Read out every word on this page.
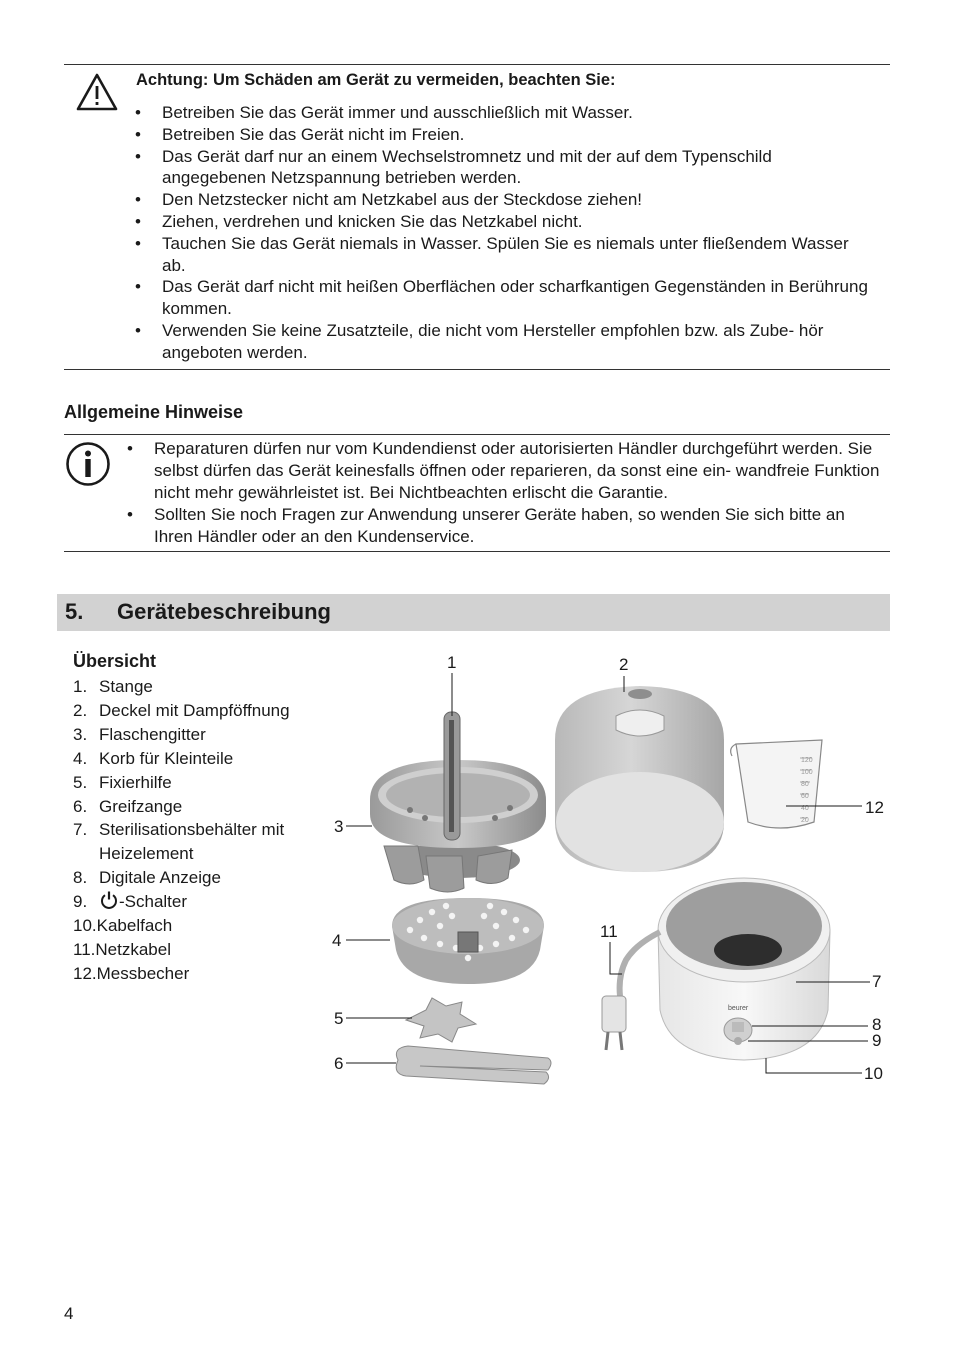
Achtung: Um Schäden am Gerät zu vermeiden, beachten Sie:
• Betreiben Sie das Gerät immer und ausschließlich mit Wasser.
• Betreiben Sie das Gerät nicht im Freien.
• Das Gerät darf nur an einem Wechselstromnetz und mit der auf dem Typenschild angegebenen Netzspannung betrieben werden.
• Den Netzstecker nicht am Netzkabel aus der Steckdose ziehen!
• Ziehen, verdrehen und knicken Sie das Netzkabel nicht.
• Tauchen Sie das Gerät niemals in Wasser. Spülen Sie es niemals unter fließendem Wasser ab.
• Das Gerät darf nicht mit heißen Oberflächen oder scharfkantigen Gegenständen in Berührung kommen.
• Verwenden Sie keine Zusatzteile, die nicht vom Hersteller empfohlen bzw. als Zube- hör angeboten werden.
Allgemeine Hinweise
• Reparaturen dürfen nur vom Kundendienst oder autorisierten Händler durchgeführt werden. Sie selbst dürfen das Gerät keinesfalls öffnen oder reparieren, da sonst eine ein- wandfreie Funktion nicht mehr gewährleistet ist. Bei Nichtbeachten erlischt die Garantie.
• Sollten Sie noch Fragen zur Anwendung unserer Geräte haben, so wenden Sie sich bitte an Ihren Händler oder an den Kundenservice.
5. Gerätebeschreibung
Übersicht
1. Stange
2. Deckel mit Dampföffnung
3. Flaschengitter
4. Korb für Kleinteile
5. Fixierhilfe
6. Greifzange
7. Sterilisationsbehälter mit
Heizelement
8. Digitale Anzeige
9. -Schalter
10.Kabelfach
11.Netzkabel
12.Messbecher
120
100
80
60
40
20
beurer
1	2
3
4
5
6
7
8
9
10
11
12
4
